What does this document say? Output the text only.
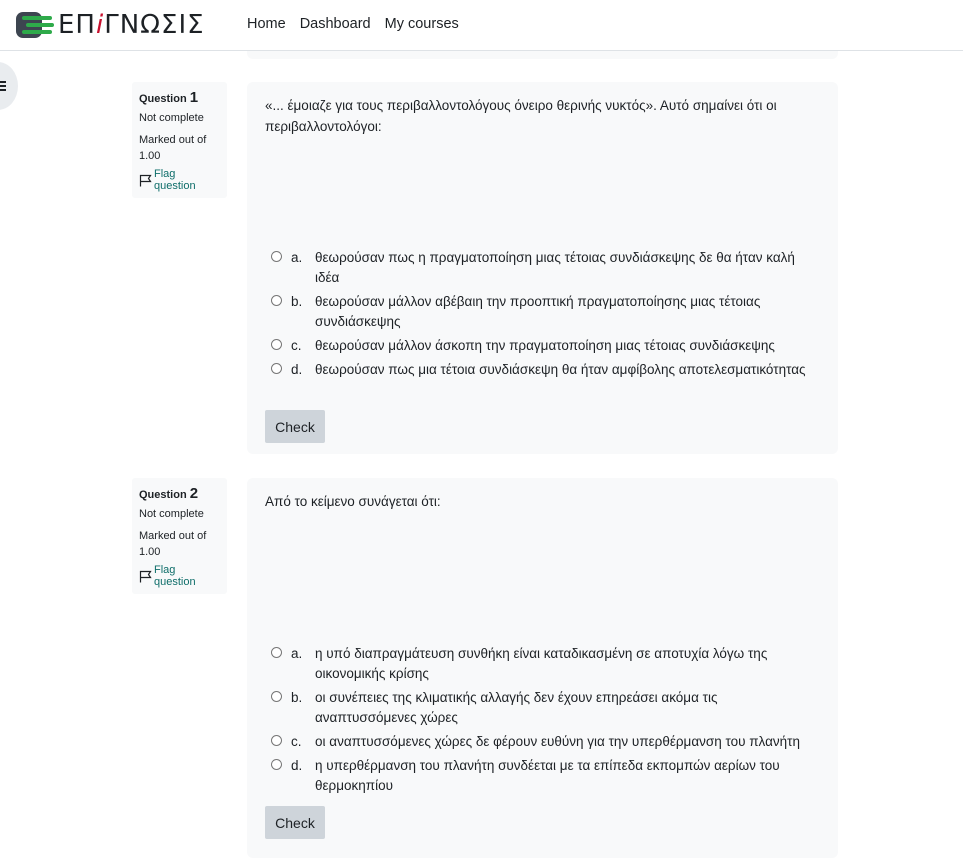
ΕΠiΓΝΩΣΙΣ	Home Dashboard My courses
Question 1
Not complete
Marked out of
1.00
Flag question
«... έμοιαζε για τους περιβαλλοντολόγους όνειρο θερινής νυκτός». Αυτό σημαίνει ότι οι περιβαλλοντολόγοι:
a. θεωρούσαν πως η πραγματοποίηση μιας τέτοιας συνδιάσκεψης δε θα ήταν καλή ιδέα
b. θεωρούσαν μάλλον αβέβαιη την προοπτική πραγματοποίησης μιας τέτοιας συνδιάσκεψης
c. θεωρούσαν μάλλον άσκοπη την πραγματοποίηση μιας τέτοιας συνδιάσκεψης
d. θεωρούσαν πως μια τέτοια συνδιάσκεψη θα ήταν αμφίβολης αποτελεσματικότητας
Check
Question 2
Not complete
Marked out of
1.00
Flag question
Από το κείμενο συνάγεται ότι:
a. η υπό διαπραγμάτευση συνθήκη είναι καταδικασμένη σε αποτυχία λόγω της οικονομικής κρίσης
b. οι συνέπειες της κλιματικής αλλαγής δεν έχουν επηρεάσει ακόμα τις αναπτυσσόμενες χώρες
c. οι αναπτυσσόμενες χώρες δε φέρουν ευθύνη για την υπερθέρμανση του πλανήτη
d. η υπερθέρμανση του πλανήτη συνδέεται με τα επίπεδα εκπομπών αερίων του θερμοκηπίου
Check
